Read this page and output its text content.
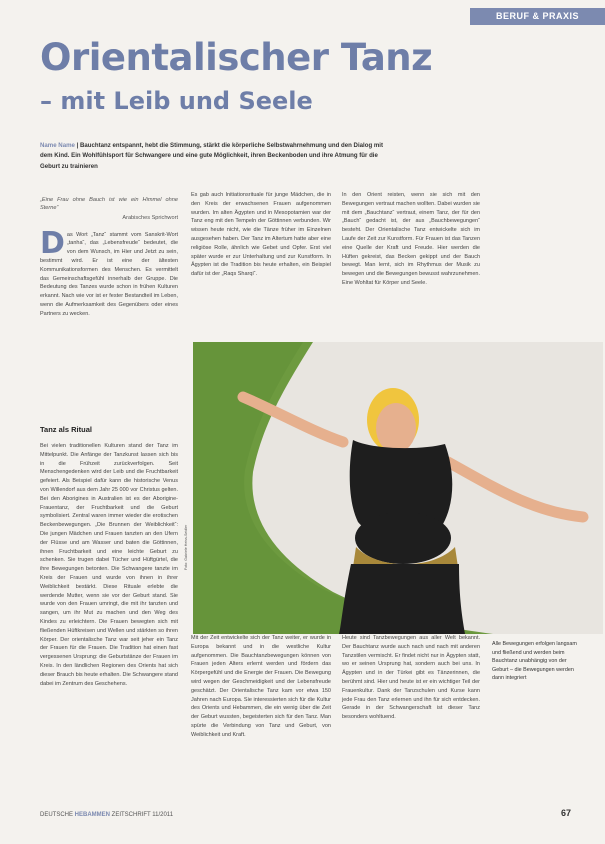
BERUF & PRAXIS
Orientalischer Tanz
– mit Leib und Seele
Name Name | Bauchtanz entspannt, hebt die Stimmung, stärkt die körperliche Selbstwahrnehmung und den Dialog mit dem Kind. Ein Wohlfühlsport für Schwangere und eine gute Möglichkeit, ihren Beckenboden und ihre Atmung für die Geburt zu trainieren
„Eine Frau ohne Bauch ist wie ein Himmel ohne Sterne“
Arabisches Sprichwort
Das Wort „Tanz“ stammt vom Sanskrit-Wort „tanha“, das „Lebensfreude“ bedeutet, die von dem Wunsch, im Hier und Jetzt zu sein, bestimmt wird. Er ist eine der ältesten Kommunikationsformen des Menschen. Es vermittelt das Gemeinschaftsgefühl innerhalb der Gruppe. Die Bedeutung des Tanzes wurde schon in frühen Kulturen erkannt. Nach wie vor ist er fester Bestandteil im Leben, wenn die Aufmerksamkeit des Gegenübers oder eines Partners zu wecken.
Tanz als Ritual

Bei vielen traditionellen Kulturen stand der Tanz im Mittelpunkt. Die Anfänge der Tanzkunst lassen sich bis in die Frühzeit zurückverfolgen. Seit Menschengedenken wird der Leib und die Fruchtbarkeit gefeiert. Als Beispiel dafür kann die historische Venus von Willendorf aus dem Jahr 25 000 vor Christus gelten. Bei den Aborigines in Australien ist es der Aborigine-Frauentanz, der Fruchtbarkeit und die Geburt symbolisiert. Zentral waren immer wieder die erotischen Beckenbewegungen. „Die Brunnen der Weiblichkeit“: Die jungen Mädchen und Frauen tanzten an den Ufern der Flüsse und am Wasser und baten die Göttinnen, ihnen Fruchtbarkeit und eine leichte Geburt zu schenken. Sie trugen dabei Tücher und Hüftgürtel, die ihre Bewegungen betonten. Die Schwangere tanzte im Kreis der Frauen und wurde von ihnen in ihrer Weiblichkeit bestärkt. Diese Rituale erlebte die werdende Mutter, wenn sie vor der Geburt stand. Sie wurde von den Frauen umringt, die mit ihr tanzten und sangen, um ihr Mut zu machen und den Weg des Kindes zu erleichtern. Die Frauen bewegten sich mit fließenden Hüftkreisen und Wellen und stärkten so ihren Körper. Der orientalische Tanz war seit jeher ein Tanz der Frauen für die Frauen. Die Tradition hat einen fast vergessenen Ursprung: die Geburtstänze der Frauen im Kreis. In den ländlichen Regionen des Orients hat sich dieser Brauch bis heute erhalten. Die Schwangere stand dabei im Zentrum des Geschehens.

Es gab auch Initiationsrituale für junge Mädchen, die in den Kreis der erwachsenen Frauen aufgenommen wurden. Im alten Ägypten und in Mesopotamien war der Tanz eng mit den Tempeln der Göttinnen verbunden. Wir wissen heute nicht, wie die Tänze früher im Einzelnen ausgesehen haben. Der Tanz im Altertum hatte aber eine religiöse Rolle, ähnlich wie Gebet und Opfer. Erst viel später wurde er zur Unterhaltung und zur Kunstform. In Ägypten ist die Tradition bis heute erhalten, ein Beispiel dafür ist der „Raqs Sharqi“.

In den Orient reisten, wenn sie sich mit den Bewegungen vertraut machen wollten. Dabei wurden sie mit dem „Bauchtanz“ vertraut, einem Tanz, der für den „Bauch“ gedacht ist, der aus „Bauchbewegungen“ besteht. Der Orientalische Tanz entwickelte sich im Laufe der Zeit zur Kunstform. Für Frauen ist das Tanzen eine Quelle der Kraft und Freude. Hier werden die Hüften gekreist, das Becken gekippt und der Bauch bewegt. Man lernt, sich im Rhythmus der Musik zu bewegen und die Bewegungen bewusst wahrzunehmen. Eine Wohltat für Körper und Seele.

Foto: Gabriele Heiss-Seidler
Alle Bewegungen erfolgen langsam und fließend und werden beim Bauchtanz unabhängig von der Geburt – die Bewegungen werden dann integriert

Mit der Zeit entwickelte sich der Tanz weiter, er wurde in Europa bekannt und in die westliche Kultur aufgenommen. Die Bauchtanzbewegungen können von Frauen jeden Alters erlernt werden und fördern das Körpergefühl und die Energie der Frauen. Die Bewegung wird wegen der Geschmeidigkeit und der Lebensfreude geschätzt. Der Orientalische Tanz kam vor etwa 150 Jahren nach Europa. Sie interessierten sich für die Kultur des Orients und Hebammen, die ein wenig über die Zeit der Geburt wussten, begeisterten sich für den Tanz. Man spürte die Verbindung von Tanz und Geburt, von Weiblichkeit und Kraft.

Heute sind Tanzbewegungen aus aller Welt bekannt. Der Bauchtanz wurde auch nach und nach mit anderen Tanzstilen vermischt. Er findet nicht nur in Ägypten statt, wo er seinen Ursprung hat, sondern auch bei uns. In Ägypten und in der Türkei gibt es Tänzerinnen, die berühmt sind. Hier und heute ist er ein wichtiger Teil der Frauenkultur. Dank der Tanzschulen und Kurse kann jede Frau den Tanz erlernen und ihn für sich entdecken. Gerade in der Schwangerschaft ist dieser Tanz besonders wohltuend.

DEUTSCHE HEBAMMEN ZEITSCHRIFT 11/2011	67
